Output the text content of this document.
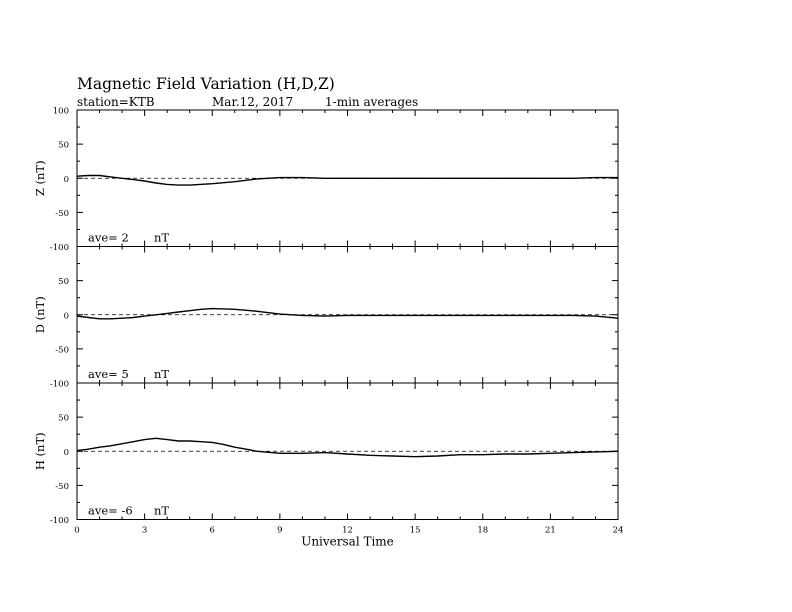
Magnetic Field Variation (H,D,Z)
station=KTB	Mar.12, 2017	1-min averages
100
50
0
-50
-100
Z (nT)
ave= 2 nT
50
0
-50
-100
D (nT)
ave= 5 nT
50
0
-50
-100
H (nT)
ave= -6 nT
0	3	6	9	12	15	18	21	24
Universal Time
